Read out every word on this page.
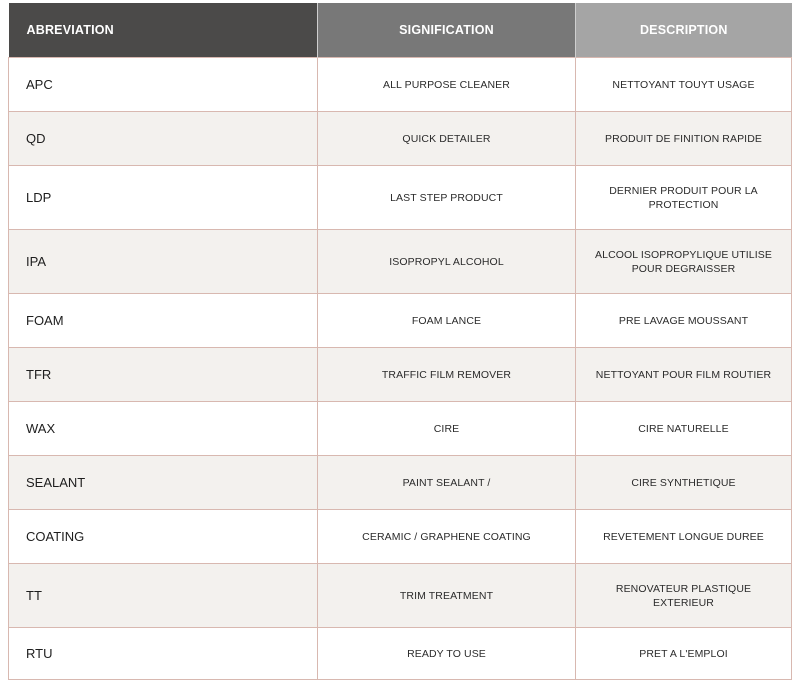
ABREVIATION	SIGNIFICATION	DESCRIPTION
APC	ALL PURPOSE CLEANER	NETTOYANT TOUYT USAGE
QD	QUICK DETAILER	PRODUIT DE FINITION RAPIDE
LDP	LAST STEP PRODUCT	DERNIER PRODUIT POUR LA PROTECTION
IPA	ISOPROPYL ALCOHOL	ALCOOL ISOPROPYLIQUE UTILISE POUR DEGRAISSER
FOAM	FOAM LANCE	PRE LAVAGE MOUSSANT
TFR	TRAFFIC FILM REMOVER	NETTOYANT POUR FILM ROUTIER
WAX	CIRE	CIRE NATURELLE
SEALANT	PAINT SEALANT /	CIRE SYNTHETIQUE
COATING	CERAMIC / GRAPHENE COATING	REVETEMENT LONGUE DUREE
TT	TRIM TREATMENT	RENOVATEUR PLASTIQUE EXTERIEUR
RTU	READY TO USE	PRET A L'EMPLOI
